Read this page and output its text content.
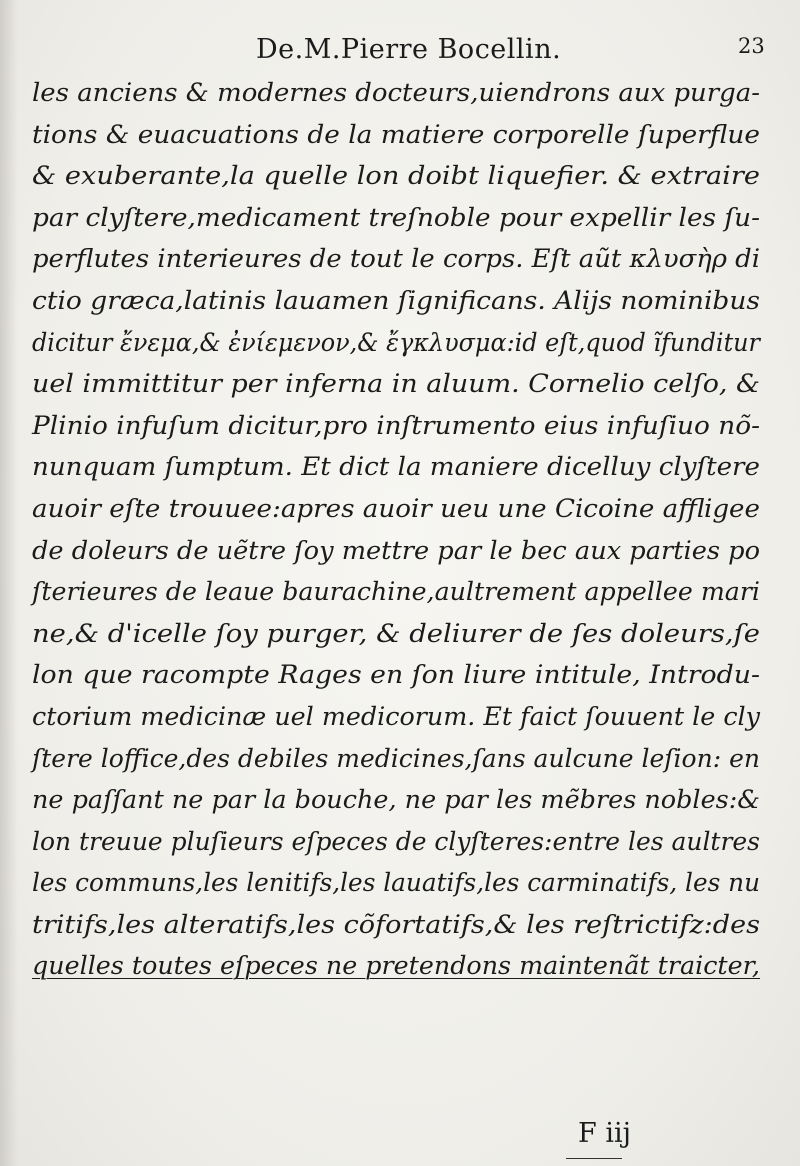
De.M.Pierre Bocellin.	23
les anciens & modernes docteurs,uiendrons aux purga-
tions & euacuations de la matiere corporelle ſuperflue
& exuberante,la quelle lon doibt liquefier. & extraire
par clyſtere,medicament treſnoble pour expellir les ſu-
perflutes interieures de tout le corps. Eſt aũt κλυσὴρ di
ctio græca,latinis lauamen ſignificans. Alijs nominibus
dicitur ἔνεμα,& ἐνίεμενον,& ἔγκλυσμα:id eſt,quod ĩfunditur
uel immittitur per inferna in aluum. Cornelio celſo, &
Plinio infuſum dicitur,pro inſtrumento eius infuſiuo nõ-
nunquam ſumptum. Et dict la maniere dicelluy clyſtere
auoir eſte trouuee:apres auoir ueu une Cicoine affligee
de doleurs de uẽtre ſoy mettre par le bec aux parties po
ſterieures de leaue baurachine,aultrement appellee mari
ne,& d'icelle ſoy purger, & deliurer de ſes doleurs,ſe
lon que racompte Rages en ſon liure intitule, Introdu-
ctorium medicinæ uel medicorum. Et faict ſouuent le cly
ſtere loffice,des debiles medicines,ſans aulcune leſion: en
ne paſſant ne par la bouche, ne par les mẽbres nobles:&
lon treuue pluſieurs eſpeces de clyſteres:entre les aultres
les communs,les lenitifs,les lauatifs,les carminatifs, les nu
tritifs,les alteratifs,les cõfortatifs,& les reſtrictifz:des
quelles toutes eſpeces ne pretendons maintenãt traicter,
F iij
